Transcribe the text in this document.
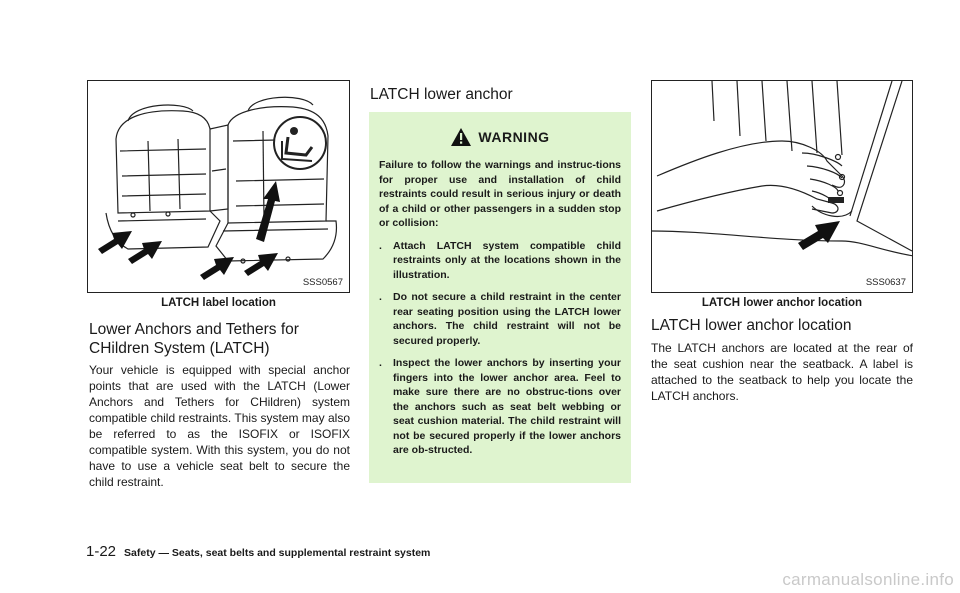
SSS0567
LATCH label location
Lower Anchors and Tethers for
CHildren System (LATCH)
Your vehicle is equipped with special anchor points that are used with the LATCH (Lower Anchors and Tethers for CHildren) system compatible child restraints. This system may also be referred to as the ISOFIX or ISOFIX compatible system. With this system, you do not have to use a vehicle seat belt to secure the child restraint.
LATCH lower anchor
WARNING
Failure to follow the warnings and instruc-tions for proper use and installation of child restraints could result in serious injury or death of a child or other passengers in a sudden stop or collision:
.	Attach LATCH system compatible child restraints only at the locations shown in the illustration.
.	Do not secure a child restraint in the center rear seating position using the LATCH lower anchors. The child restraint will not be secured properly.
.	Inspect the lower anchors by inserting your fingers into the lower anchor area. Feel to make sure there are no obstruc-tions over the anchors such as seat belt webbing or seat cushion material. The child restraint will not be secured properly if the lower anchors are ob-structed.
SSS0637
LATCH lower anchor location
LATCH lower anchor location
The LATCH anchors are located at the rear of the seat cushion near the seatback. A label is attached to the seatback to help you locate the LATCH anchors.
1-22 Safety — Seats, seat belts and supplemental restraint system
carmanualsonline.info
